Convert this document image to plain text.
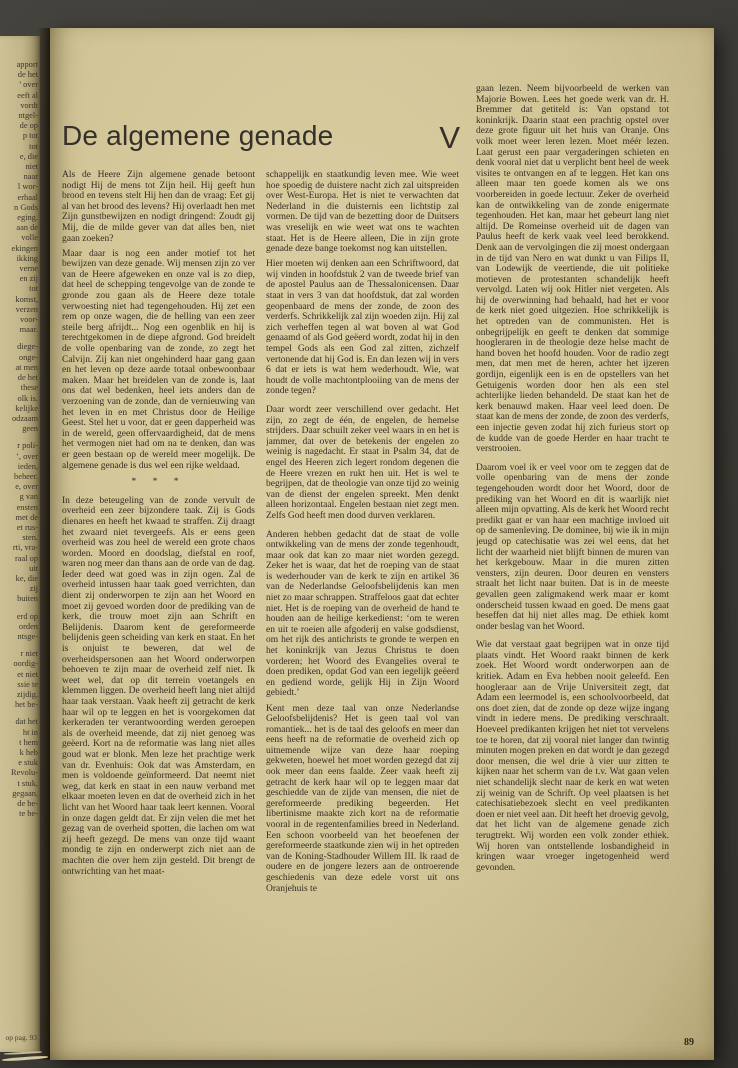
apport
de het
’ over
eeft al
vordt
ntgel-
de op
p tot
tot
e, die
niet
naar
l wor-
erhaal
n Gods
eging.
aan de
volle
ekingen
ikking
verne
en zij
tot
komst,
verzen
voor-
maar.
diege-
onge-
at men
de het
these
olk is.
kelijke
odzaam
geen
r poli-
’, over
ieden,
beheer.
e, over
g van
ensten
met de
et rus-
sten.
rti, vra-
raal op
uit
ke, die
zij
buiten
erd op
orden
ntsge-
r niet
oordig-
et niet
ssie te
zijdig.
het be-
dat het
ht in
t hem
k heb
e stuk
Revolu-
t stuk,
gegaan,
de be-
te be-
op pag. 93
De algemene genade	V

Als de Heere Zijn algemene genade betoont nodigt Hij de mens tot Zijn heil. Hij geeft hun brood en tevens stelt Hij hen dan de vraag: Eet gij al van het brood des levens? Hij overlaadt hen met Zijn gunstbewijzen en nodigt dringend: Zoudt gij Mij, die de milde gever van dat alles ben, niet gaan zoeken?

Maar daar is nog een ander motief tot het bewijzen van deze genade. Wij mensen zijn zo ver van de Heere afgeweken en onze val is zo diep, dat heel de schepping tengevolge van de zonde te gronde zou gaan als de Heere deze totale verwoesting niet had tegengehouden. Hij zet een rem op onze wagen, die de helling van een zeer steile berg afrijdt... Nog een ogenblik en hij is terechtgekomen in de diepe afgrond. God breidelt de volle openbaring van de zonde, zo zegt het Calvijn. Zij kan niet ongehinderd haar gang gaan en het leven op deze aarde totaal onbewoonbaar maken. Maar het breidelen van de zonde is, laat ons dat wel bedenken, heel iets anders dan de verzoening van de zonde, dan de vernieuwing van het leven in en met Christus door de Heilige Geest. Stel het u voor, dat er geen dapperheid was in de wereld, geen offervaardigheid, dat de mens het vermogen niet had om na te denken, dan was er geen bestaan op de wereld meer mogelijk. De algemene genade is dus wel een rijke weldaad.

* * *

In deze beteugeling van de zonde vervult de overheid een zeer bijzondere taak. Zij is Gods dienares en heeft het kwaad te straffen. Zij draagt het zwaard niet tevergeefs. Als er eens geen overheid was zou heel de wereld een grote chaos worden. Moord en doodslag, diefstal en roof, waren nog meer dan thans aan de orde van de dag. Ieder deed wat goed was in zijn ogen. Zal de overheid intussen haar taak goed verrichten, dan dient zij onderworpen te zijn aan het Woord en moet zij gevoed worden door de prediking van de kerk, die trouw moet zijn aan Schrift en Belijdenis. Daarom kent de gereformeerde belijdenis geen scheiding van kerk en staat. En het is onjuist te beweren, dat wel de overheidspersonen aan het Woord onderworpen behoeven te zijn maar de overheid zelf niet. Ik weet wel, dat op dit terrein voetangels en klemmen liggen. De overheid heeft lang niet altijd haar taak verstaan. Vaak heeft zij getracht de kerk haar wil op te leggen en het is voorgekomen dat kerkeraden ter verantwoording werden geroepen als de overheid meende, dat zij niet genoeg was geëerd. Kort na de reformatie was lang niet alles goud wat er blonk. Men leze het prachtige werk van dr. Evenhuis: Ook dat was Amsterdam, en men is voldoende geïnformeerd. Dat neemt niet weg, dat kerk en staat in een nauw verband met elkaar moeten leven en dat de overheid zich in het licht van het Woord haar taak leert kennen. Vooral in onze dagen geldt dat. Er zijn velen die met het gezag van de overheid spotten, die lachen om wat zij heeft gezegd. De mens van onze tijd waant mondig te zijn en onderwerpt zich niet aan de machten die over hem zijn gesteld. Dit brengt de ontwrichting van het maat-

schappelijk en staatkundig leven mee. Wie weet hoe spoedig de duistere nacht zich zal uitspreiden over West-Europa. Het is niet te verwachten dat Nederland in die duisternis een lichtstip zal vormen. De tijd van de bezetting door de Duitsers was vreselijk en wie weet wat ons te wachten staat. Het is de Heere alleen, Die in zijn grote genade deze bange toekomst nog kan uitstellen.

Hier moeten wij denken aan een Schriftwoord, dat wij vinden in hoofdstuk 2 van de tweede brief van de apostel Paulus aan de Thessalonicensen. Daar staat in vers 3 van dat hoofdstuk, dat zal worden geopenbaard de mens der zonde, de zoon des verderfs. Schrikkelijk zal zijn woeden zijn. Hij zal zich verheffen tegen al wat boven al wat God genaamd of als God geëerd wordt, zodat hij in den tempel Gods als een God zal zitten, zichzelf vertonende dat hij God is. En dan lezen wij in vers 6 dat er iets is wat hem wederhoudt. Wie, wat houdt de volle machtontplooiing van de mens der zonde tegen?

Daar wordt zeer verschillend over gedacht. Het zijn, zo zegt de één, de engelen, de hemelse strijders. Daar schuilt zeker veel waars in en het is jammer, dat over de betekenis der engelen zo weinig is nagedacht. Er staat in Psalm 34, dat de engel des Heeren zich legert rondom degenen die de Heere vrezen en rukt hen uit. Het is wel te begrijpen, dat de theologie van onze tijd zo weinig van de dienst der engelen spreekt. Men denkt alleen horizontaal. Engelen bestaan niet zegt men. Zelfs God heeft men dood durven verklaren.

Anderen hebben gedacht dat de staat de volle ontwikkeling van de mens der zonde tegenhoudt, maar ook dat kan zo maar niet worden gezegd. Zeker het is waar, dat het de roeping van de staat is wederhouder van de kerk te zijn en artikel 36 van de Nederlandse Geloofsbelijdenis kan men niet zo maar schrappen. Straffeloos gaat dat echter niet. Het is de roeping van de overheid de hand te houden aan de heilige kerkedienst: ‘om te weren en uit te roeien alle afgoderij en valse godsdienst, om het rijk des antichrists te gronde te werpen en het koninkrijk van Jezus Christus te doen vorderen; het Woord des Evangelies overal te doen prediken, opdat God van een iegelijk geëerd en gediend worde, gelijk Hij in Zijn Woord gebiedt.’

Kent men deze taal van onze Nederlandse Geloofsbelijdenis? Het is geen taal vol van romantiek... het is de taal des geloofs en meer dan eens heeft na de reformatie de overheid zich op uitnemende wijze van deze haar roeping gekweten, hoewel het moet worden gezegd dat zij ook meer dan eens faalde. Zeer vaak heeft zij getracht de kerk haar wil op te leggen maar dat geschiedde van de zijde van mensen, die niet de gereformeerde prediking begeerden. Het libertinisme maakte zich kort na de reformatie vooral in de regentenfamilies breed in Nederland. Een schoon voorbeeld van het beoefenen der gereformeerde staatkunde zien wij in het optreden van de Koning-Stadhouder Willem III. Ik raad de oudere en de jongere lezers aan de ontroerende geschiedenis van deze edele vorst uit ons Oranjehuis te

gaan lezen. Neem bijvoorbeeld de werken van Majorie Bowen. Lees het goede werk van dr. H. Bremmer dat getiteld is: Van opstand tot koninkrijk. Daarin staat een prachtig opstel over deze grote figuur uit het huis van Oranje. Ons volk moet weer leren lezen. Moet méér lezen. Laat gerust een paar vergaderingen schieten en denk vooral niet dat u verplicht bent heel de week visites te ontvangen en af te leggen. Het kan ons alleen maar ten goede komen als we ons voorbereiden in goede lectuur. Zeker de overheid kan de ontwikkeling van de zonde enigermate tegenhouden. Het kan, maar het gebeurt lang niet altijd. De Romeinse overheid uit de dagen van Paulus heeft de kerk vaak veel leed berokkend. Denk aan de vervolgingen die zij moest ondergaan in de tijd van Nero en wat dunkt u van Filips II, van Lodewijk de veertiende, die uit politieke motieven de protestanten schandelijk heeft vervolgd. Laten wij ook Hitler niet vergeten. Als hij de overwinning had behaald, had het er voor de kerk niet goed uitgezien. Hoe schrikkelijk is het optreden van de communisten. Het is onbegrijpelijk en geeft te denken dat sommige hoogleraren in de theologie deze helse macht de hand boven het hoofd houden. Voor de radio zegt men, dat men met de heren, achter het ijzeren gordijn, eigenlijk een is en de opstellers van het Getuigenis worden door hen als een stel achterlijke lieden behandeld. De staat kan het de kerk benauwd maken. Haar veel leed doen. De staat kan de mens der zonde, de zoon des verderfs, een injectie geven zodat hij zich furieus stort op de kudde van de goede Herder en haar tracht te verstrooien.

Daarom voel ik er veel voor om te zeggen dat de volle openbaring van de mens der zonde tegengehouden wordt door het Woord, door de prediking van het Woord en dit is waarlijk niet alleen mijn opvatting. Als de kerk het Woord recht predikt gaat er van haar een machtige invloed uit op de samenleving. De dominee, bij wie ik in mijn jeugd op catechisatie was zei wel eens, dat het licht der waarheid niet blijft binnen de muren van het kerkgebouw. Maar in die muren zitten vensters, zijn deuren. Door deuren en vensters straalt het licht naar buiten. Dat is in de meeste gevallen geen zaligmakend werk maar er komt onderscheid tussen kwaad en goed. De mens gaat beseffen dat hij niet alles mag. De ethiek komt onder beslag van het Woord.

Wie dat verstaat gaat begrijpen wat in onze tijd plaats vindt. Het Woord raakt binnen de kerk zoek. Het Woord wordt onderworpen aan de kritiek. Adam en Eva hebben nooit geleefd. Een hoogleraar aan de Vrije Universiteit zegt, dat Adam een leermodel is, een schoolvoorbeeld, dat ons doet zien, dat de zonde op deze wijze ingang vindt in iedere mens. De prediking verschraalt. Hoeveel predikanten krijgen het niet tot vervelens toe te horen, dat zij vooral niet langer dan twintig minuten mogen preken en dat wordt je dan gezegd door mensen, die wel drie à vier uur zitten te kijken naar het scherm van de t.v. Wat gaan velen niet schandelijk slecht naar de kerk en wat weten zij weinig van de Schrift. Op veel plaatsen is het catechisatiebezoek slecht en veel predikanten doen er niet veel aan. Dit heeft het droevig gevolg, dat het licht van de algemene genade zich terugtrekt. Wij worden een volk zonder ethiek. Wij horen van ontstellende losbandigheid in kringen waar vroeger ingetogenheid werd gevonden.

89
